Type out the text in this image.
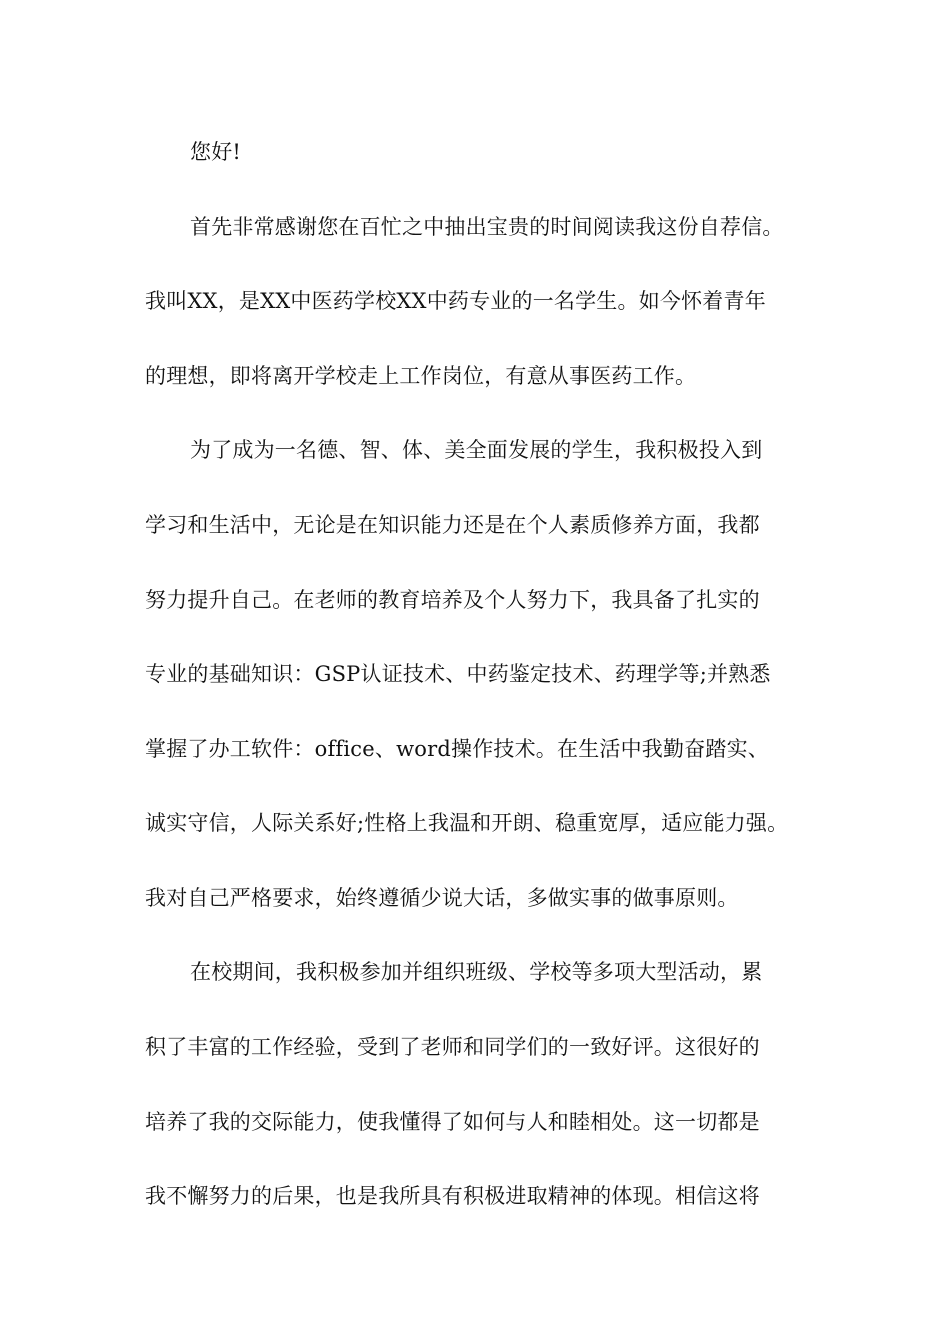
您好!
首先非常感谢您在百忙之中抽出宝贵的时间阅读我这份自荐信。
我叫XX，是XX中医药学校XX中药专业的一名学生。如今怀着青年
的理想，即将离开学校走上工作岗位，有意从事医药工作。
为了成为一名德、智、体、美全面发展的学生，我积极投入到
学习和生活中，无论是在知识能力还是在个人素质修养方面，我都
努力提升自己。在老师的教育培养及个人努力下，我具备了扎实的
专业的基础知识：GSP认证技术、中药鉴定技术、药理学等;并熟悉
掌握了办工软件：office、word操作技术。在生活中我勤奋踏实、
诚实守信，人际关系好;性格上我温和开朗、稳重宽厚，适应能力强。
我对自己严格要求，始终遵循少说大话，多做实事的做事原则。
在校期间，我积极参加并组织班级、学校等多项大型活动，累
积了丰富的工作经验，受到了老师和同学们的一致好评。这很好的
培养了我的交际能力，使我懂得了如何与人和睦相处。这一切都是
我不懈努力的后果，也是我所具有积极进取精神的体现。相信这将
